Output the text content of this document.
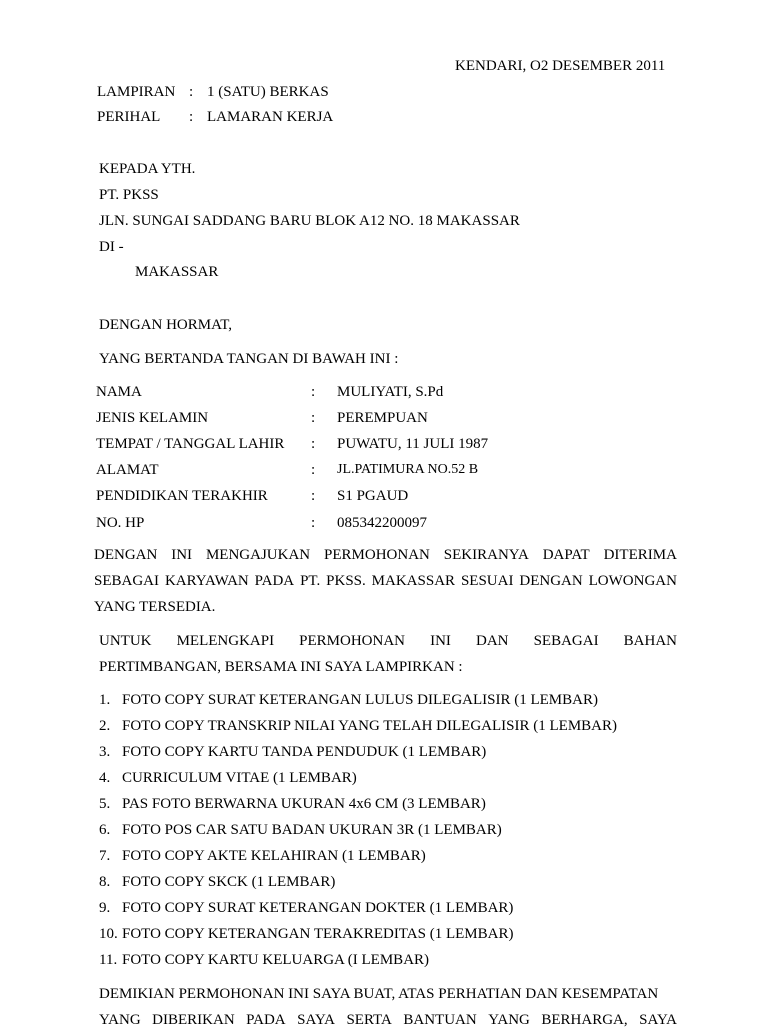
KENDARI, O2 DESEMBER 2011
LAMPIRAN : 1 (SATU) BERKAS
PERIHAL : LAMARAN KERJA
KEPADA YTH.
PT. PKSS
JLN. SUNGAI SADDANG BARU BLOK A12 NO. 18 MAKASSAR
DI -
MAKASSAR
DENGAN HORMAT,
YANG BERTANDA TANGAN DI BAWAH INI :
NAMA	: MULIYATI, S.Pd
JENIS KELAMIN	: PEREMPUAN
TEMPAT / TANGGAL LAHIR : PUWATU, 11 JULI 1987
ALAMAT	: JL.PATIMURA NO.52 B
PENDIDIKAN TERAKHIR	: S1 PGAUD
NO. HP	: 085342200097
DENGAN INI MENGAJUKAN PERMOHONAN SEKIRANYA DAPAT DITERIMA
SEBAGAI KARYAWAN PADA PT. PKSS. MAKASSAR SESUAI DENGAN LOWONGAN
YANG TERSEDIA.
UNTUK MELENGKAPI PERMOHONAN INI DAN SEBAGAI BAHAN
PERTIMBANGAN, BERSAMA INI SAYA LAMPIRKAN :
1. FOTO COPY SURAT KETERANGAN LULUS DILEGALISIR (1 LEMBAR)
2. FOTO COPY TRANSKRIP NILAI YANG TELAH DILEGALISIR (1 LEMBAR)
3. FOTO COPY KARTU TANDA PENDUDUK (1 LEMBAR)
4. CURRICULUM VITAE (1 LEMBAR)
5. PAS FOTO BERWARNA UKURAN 4x6 CM (3 LEMBAR)
6. FOTO POS CAR SATU BADAN UKURAN 3R (1 LEMBAR)
7. FOTO COPY AKTE KELAHIRAN (1 LEMBAR)
8. FOTO COPY SKCK (1 LEMBAR)
9. FOTO COPY SURAT KETERANGAN DOKTER (1 LEMBAR)
10. FOTO COPY KETERANGAN TERAKREDITAS (1 LEMBAR)
11. FOTO COPY KARTU KELUARGA (I LEMBAR)
DEMIKIAN PERMOHONAN INI SAYA BUAT, ATAS PERHATIAN DAN KESEMPATAN
YANG DIBERIKAN PADA SAYA SERTA BANTUAN YANG BERHARGA, SAYA
